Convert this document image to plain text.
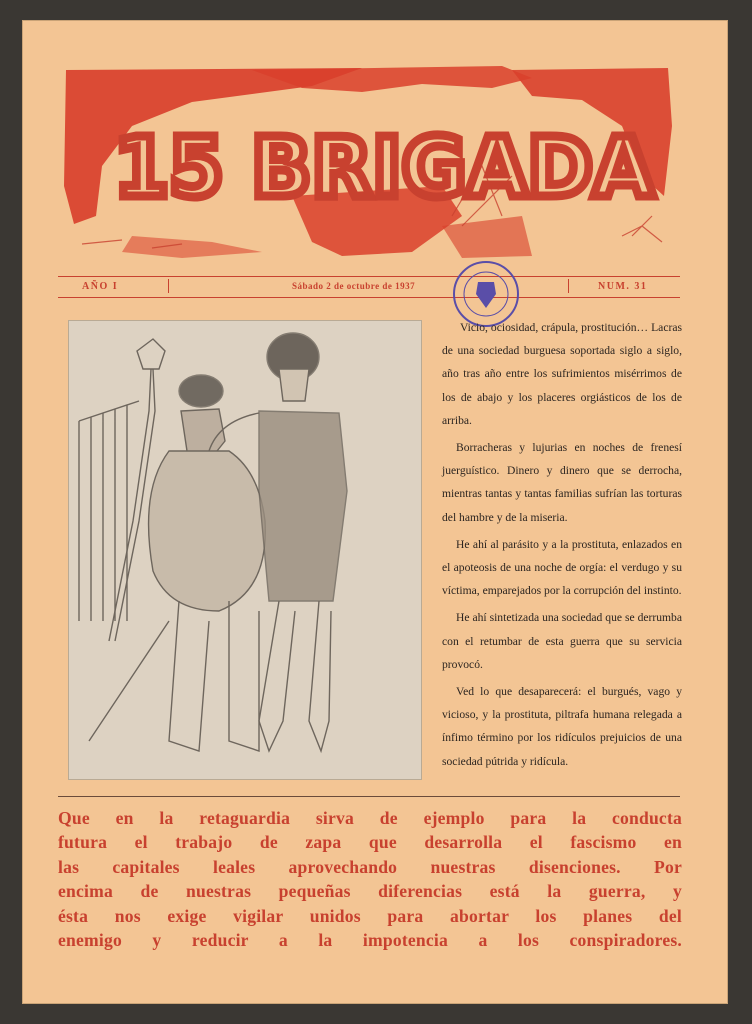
15 BRIGADA
AÑO I	Sábado 2 de octubre de 1937	NUM. 31

Vicio, ociosidad, crápula, prostitución… Lacras de una sociedad burguesa soportada siglo a siglo, año tras año entre los sufrimientos misérrimos de los de abajo y los placeres orgiásticos de los de arriba.

Borracheras y lujurias en noches de frenesí juerguístico. Dinero y dinero que se derrocha, mientras tantas y tantas familias sufrían las torturas del hambre y de la miseria.

He ahí al parásito y a la prostituta, enlazados en el apoteosis de una noche de orgía: el verdugo y su víctima, emparejados por la corrupción del instinto.

He ahí sintetizada una sociedad que se derrumba con el retumbar de esta guerra que su servicia provocó.

Ved lo que desaparecerá: el burgués, vago y vicioso, y la prostituta, piltrafa humana relegada a ínfimo término por los ridículos prejuicios de una sociedad pútrida y ridícula.

Que en la retaguardia sirva de ejemplo para la conducta
futura el trabajo de zapa que desarrolla el fascismo en
las capitales leales aprovechando nuestras disenciones. Por
encima de nuestras pequeñas diferencias está la guerra, y
ésta nos exige vigilar unidos para abortar los planes del
enemigo y reducir a la impotencia a los conspiradores.
